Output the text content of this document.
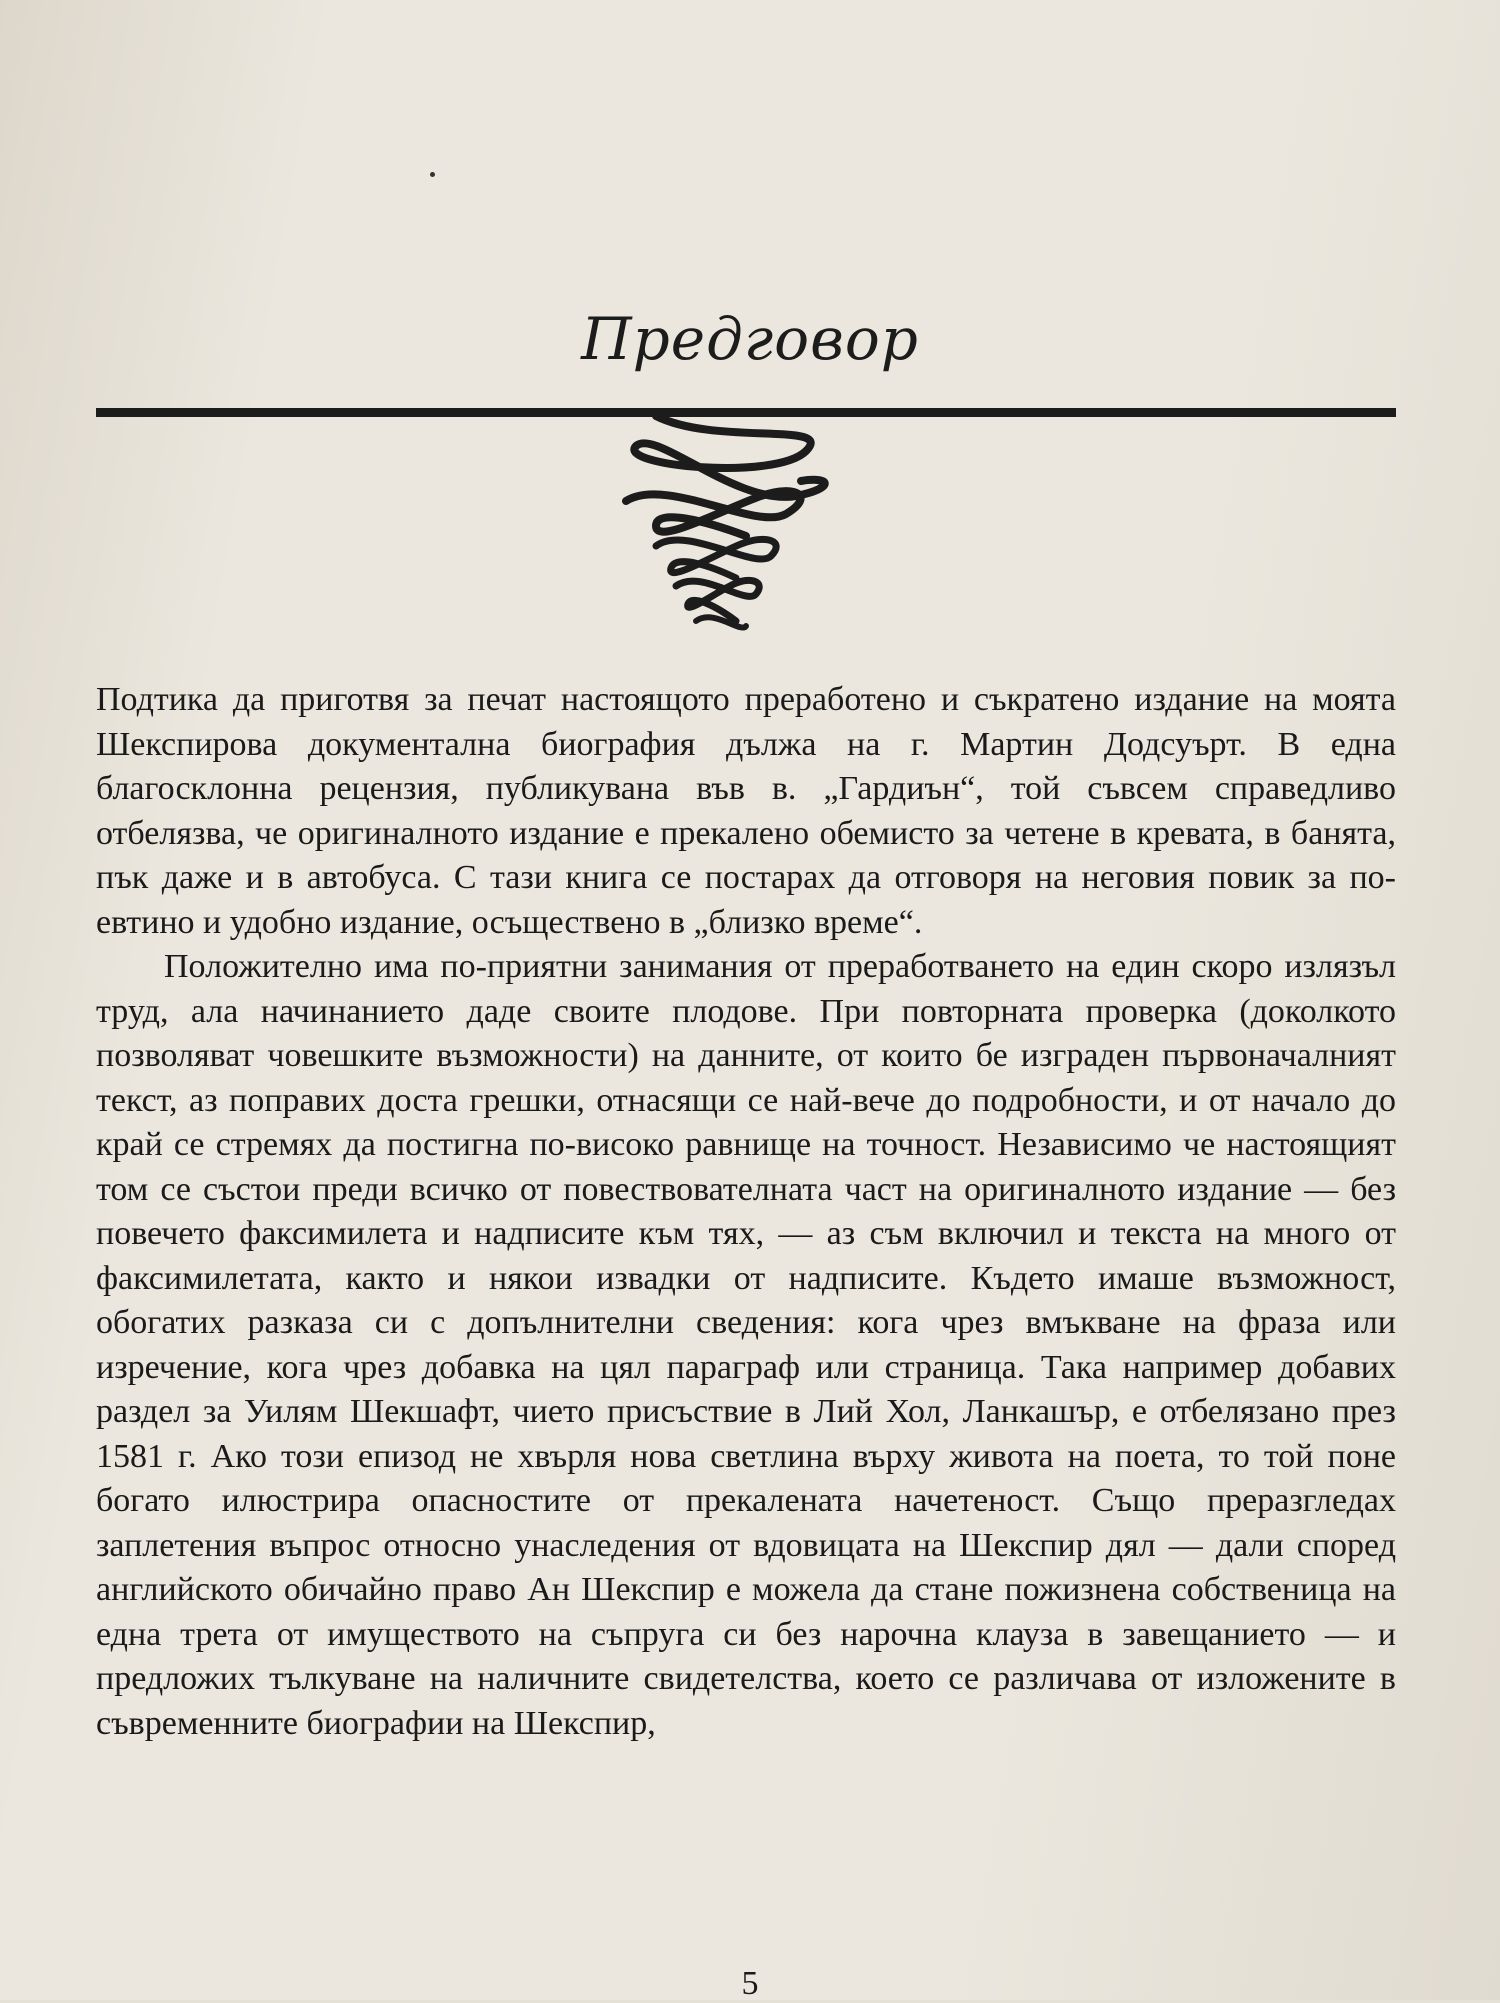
Предговор

Подтика да приготвя за печат настоящото преработено и съкратено издание на моята Шекспирова документална биография дължа на г. Мартин Додсуърт. В една благосклонна рецензия, публикувана във в. „Гардиън“, той съвсем справедливо отбелязва, че оригиналното издание е прекалено обемисто за четене в кревата, в банята, пък даже и в автобуса. С тази книга се постарах да отговоря на неговия повик за по-евтино и удобно издание, осъществено в „близко време“.

Положително има по-приятни занимания от преработването на един скоро излязъл труд, ала начинанието даде своите плодове. При повторната проверка (доколкото позволяват човешките възможности) на данните, от които бе изграден първоначалният текст, аз поправих доста грешки, отнасящи се най-вече до подробности, и от начало до край се стремях да постигна по-високо равнище на точност. Независимо че настоящият том се състои преди всичко от повествователната част на оригиналното издание — без повечето факсимилета и надписите към тях, — аз съм включил и текста на много от факсимилетата, както и някои извадки от надписите. Където имаше възможност, обогатих разказа си с допълнителни сведения: кога чрез вмъкване на фраза или изречение, кога чрез добавка на цял параграф или страница. Така например добавих раздел за Уилям Шекшафт, чието присъствие в Лий Хол, Ланкашър, е отбелязано през 1581 г. Ако този епизод не хвърля нова светлина върху живота на поета, то той поне богато илюстрира опасностите от прекалената начетеност. Също преразгледах заплетения въпрос относно унаследения от вдовицата на Шекспир дял — дали според английското обичайно право Ан Шекспир е можела да стане пожизнена собственица на една трета от имуществото на съпруга си без нарочна клауза в завещанието — и предложих тълкуване на наличните свидетелства, което се различава от изложените в съвременните биографии на Шекспир,

5
